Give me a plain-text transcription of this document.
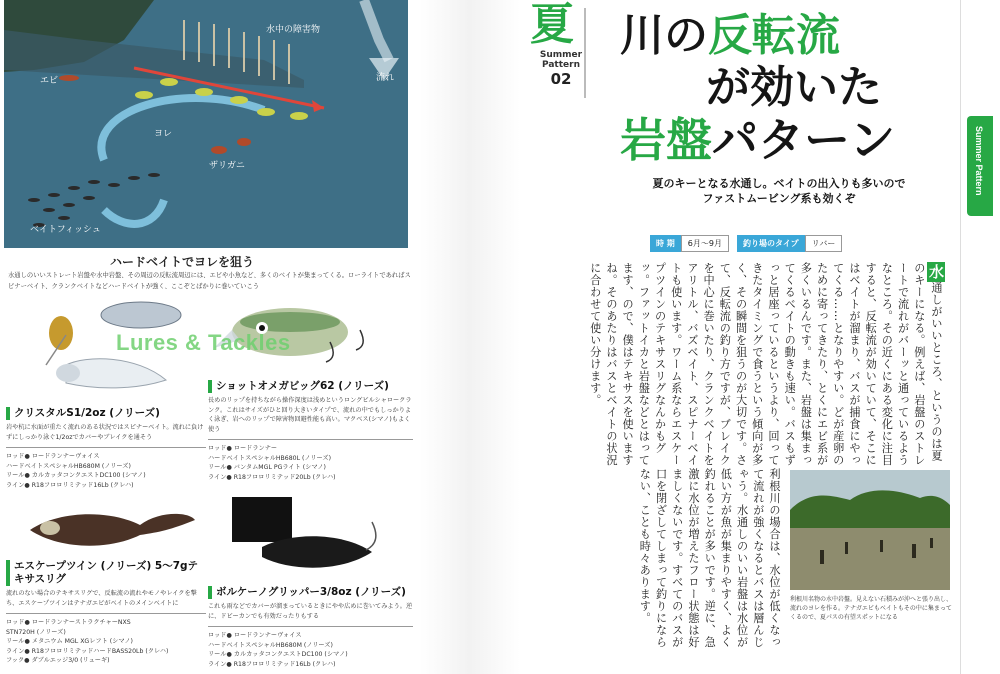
水中の障害物
流れ
エビ
ヨレ
ザリガニ
ベイトフィッシュ
ハードベイトでヨレを狙う
水通しのいいストレート岩盤や水中岩盤、その周辺の反転流周辺には、エビや小魚など、多くのベイトが集まってくる。ローライトであればスピナーベイト、クランクベイトなどハードベイトが強く、ここぞとばかりに巻いていこう
Lures & Tackles
クリスタルS1/2oz (ノリーズ)
岩や杭に水面が重たく流れのある状況ではスピナーベイト。流れに負けずにしっかり泳ぐ1/2ozでカバーやブレイクを通そう
ロッド● ロードランナーヴォイス
ハードベイトスペシャルHB680M (ノリーズ)
リール● カルカッタコンクエストDC100 (シマノ)
ライン● R18フロロリミテッド16Lb (クレハ)
ショットオメガビッグ62 (ノリーズ)
長めのリップを持ちながら操作深度は浅めというロングビルシャロークランク。これはサイズがひと回り大きいタイプで、流れの中でもしっかりよく泳ぎ、岩へのリップで障害物回避性能も高い。マクベス(シマノ)もよく使う
ロッド● ロードランナー
ハードベイトスペシャルHB680L (ノリーズ)
リール● バンタムMGL PGライト (シマノ)
ライン● R18フロロリミテッド20Lb (クレハ)
エスケープツイン (ノリーズ) 5〜7gテキサスリグ
流れのない場合のテキサスリグで、反転流の流れやモノやレイクを撃ち、エスケープツインはテナガエビがベイトのメインベイトに
ロッド● ロードランナーストラクチャーNXS
STN720H (ノリーズ)
リール● メタニウム MGL XGレフト (シマノ)
ライン● R18フロロリミテッドハードBASS20Lb (クレハ)
フック● ダブルエッジ3/0 (リューギ)
ボルケーノグリッパー3/8oz (ノリーズ)
これも雨などでカバーが溜まっているときにやや広めに巻いてみよう。逆に、ドビーカンでも有効だったりもする
ロッド● ロードランナーヴォイス
ハードベイトスペシャルHB680M (ノリーズ)
リール● カルカッタコンクエストDC100 (シマノ)
ライン● R18フロロリミテッド16Lb (クレハ)
夏
Summer
Pattern
02
川の反転流
が効いた
岩盤パターン
夏のキーとなる水通し。ベイトの出入りも多いので
ファストムービング系も効くぞ
時 期	6月〜9月	釣り場のタイプ	リバー
水通しがいいところ、というのは夏のキーになる。例えば、岩盤のストレートで流れがバーッと通っているようなところ。その近くにある変化に注目すると、反転流が効いていて、そこにはベイトが溜まり、バスが捕食にやってくる……となりやすい。どが産卵のために寄ってきたり、とくにエビ系が多くいるんです。また、岩盤は集まってくるベイトの動きも速い。バスもずっと居座っているというより、回ってきたタイミングで食うという傾向が多く、その瞬間を狙うのが大切です。さて、反転流の釣り方ですが、ブレイクを中心に巻いたり、クランクベイトをアリトル、バズベイト、スピナーベイトも使います。ワーム系ならエスケープツインのテキサスリグなんかもグッ。ファットイカと岩盤などとはってます、ので、僕はテキサスを使いますね。そのあたりはバスとベイトの状況に合わせて使い分けます。
利根川の場合は、水位が低くなって流れが強くなるとバスは層んじゃう。水通しのいい岩盤は水位が低い方が魚が集まりやすく、よく釣れることが多いです。逆に、急激に水位が増えたフロー状態は好ましくないです。すべてのバスが口を閉ざしてしまって釣りにならない、ことも時々あります。	利根川名物の水中岩盤。見えない石積みが沖へと張り出し、流れのヨレを作る。テナガエビもベイトもその中に集まってくるので、夏パスの有望スポットになる
Summer Pattern
